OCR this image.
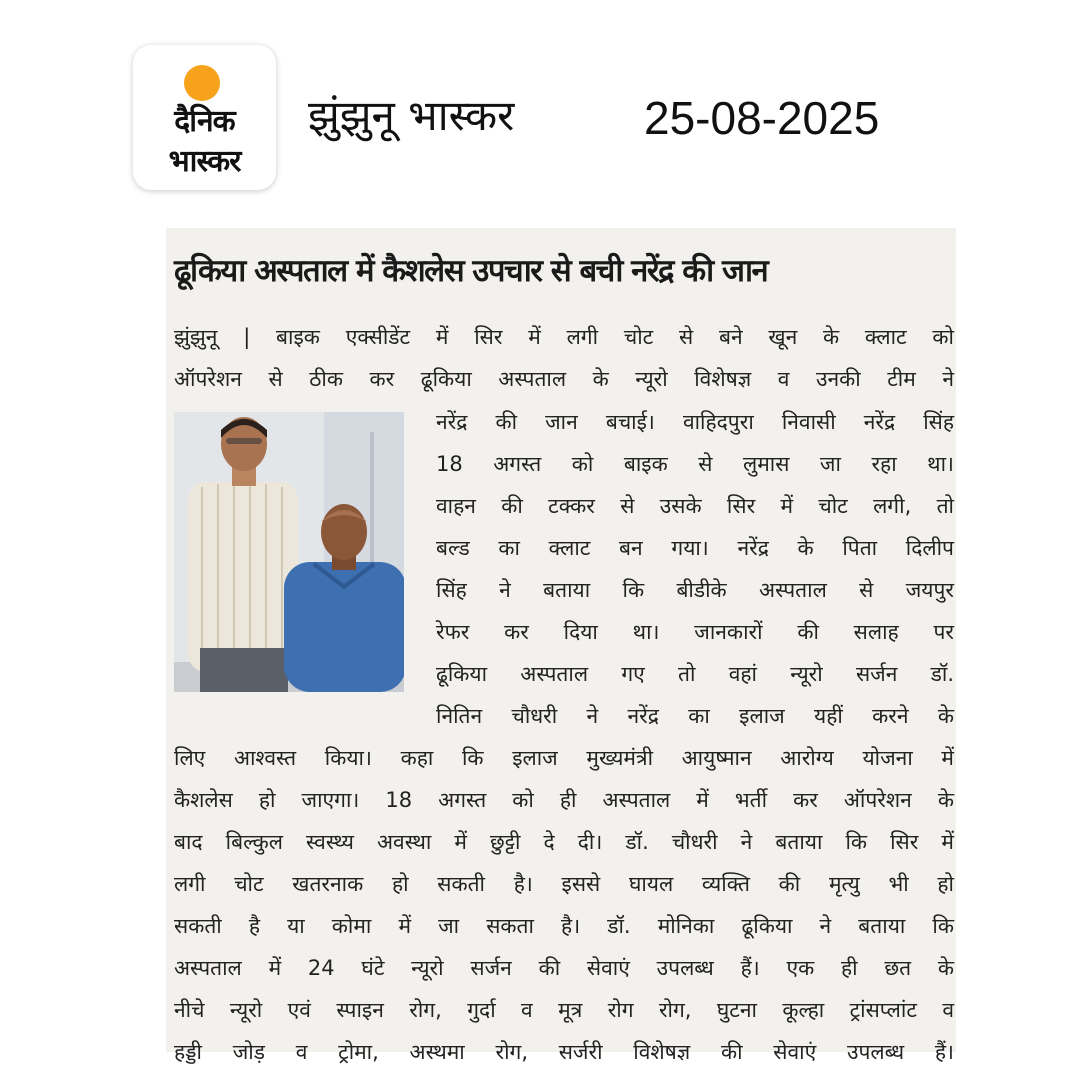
दैनिक
भास्कर
झुंझुनू भास्कर	25-08-2025
ढूकिया अस्पताल में कैशलेस उपचार से बची नरेंद्र की जान
झुंझुनू | बाइक एक्सीडेंट में सिर में लगी चोट से बने खून के क्लाट को
ऑपरेशन से ठीक कर ढूकिया अस्पताल के न्यूरो विशेषज्ञ व उनकी टीम ने
नरेंद्र की जान बचाई। वाहिदपुरा निवासी नरेंद्र सिंह
18 अगस्त को बाइक से लुमास जा रहा था।
वाहन की टक्कर से उसके सिर में चोट लगी, तो
बल्ड का क्लाट बन गया। नरेंद्र के पिता दिलीप
सिंह ने बताया कि बीडीके अस्पताल से जयपुर
रेफर कर दिया था। जानकारों की सलाह पर
ढूकिया अस्पताल गए तो वहां न्यूरो सर्जन डॉ.
नितिन चौधरी ने नरेंद्र का इलाज यहीं करने के
लिए आश्वस्त किया। कहा कि इलाज मुख्यमंत्री आयुष्मान आरोग्य योजना में
कैशलेस हो जाएगा। 18 अगस्त को ही अस्पताल में भर्ती कर ऑपरेशन के
बाद बिल्कुल स्वस्थ्य अवस्था में छुट्टी दे दी। डॉ. चौधरी ने बताया कि सिर में
लगी चोट खतरनाक हो सकती है। इससे घायल व्यक्ति की मृत्यु भी हो
सकती है या कोमा में जा सकता है। डॉ. मोनिका ढूकिया ने बताया कि
अस्पताल में 24 घंटे न्यूरो सर्जन की सेवाएं उपलब्ध हैं। एक ही छत के
नीचे न्यूरो एवं स्पाइन रोग, गुर्दा व मूत्र रोग रोग, घुटना कूल्हा ट्रांसप्लांट व
हड्डी जोड़ व ट्रोमा, अस्थमा रोग, सर्जरी विशेषज्ञ की सेवाएं उपलब्ध हैं।
